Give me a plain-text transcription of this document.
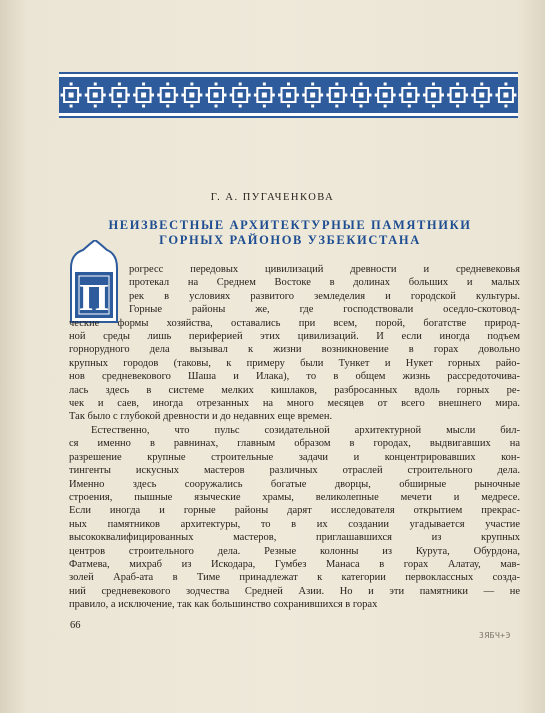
Г. А. ПУГАЧЕНКОВА
НЕИЗВЕСТНЫЕ АРХИТЕКТУРНЫЕ ПАМЯТНИКИ
ГОРНЫХ РАЙОНОВ УЗБЕКИСТАНА
П
рогресс передовых цивилизаций древности и средневековья
протекал на Среднем Востоке в долинах больших и малых
рек в условиях развитого земледелия и городской культуры.
Горные районы же, где господствовали оседло-скотовод-
ческие формы хозяйства, оставались при всем, порой, богатстве природ-
ной среды лишь периферией этих цивилизаций. И если иногда подъем
горнорудного дела вызывал к жизни возникновение в горах довольно
крупных городов (таковы, к примеру были Тункет и Нукет горных райо-
нов средневекового Шаша и Илака), то в общем жизнь рассредоточива-
лась здесь в системе мелких кишлаков, разбросанных вдоль горных ре-
чек и саев, иногда отрезанных на много месяцев от всего внешнего мира.
Так было с глубокой древности и до недавних еще времен.
Естественно, что пульс созидательной архитектурной мысли бил-
ся именно в равнинах, главным образом в городах, выдвигавших на
разрешение крупные строительные задачи и концентрировавших кон-
тингенты искусных мастеров различных отраслей строительного дела.
Именно здесь сооружались богатые дворцы, обширные рыночные
строения, пышные языческие храмы, великолепные мечети и медресе.
Если иногда и горные районы дарят исследователя открытием прекрас-
ных памятников архитектуры, то в их создании угадывается участие
высококвалифицированных мастеров, приглашавшихся из крупных
центров строительного дела. Резные колонны из Курута, Обурдона,
Фатмева, михраб из Искодара, Гумбез Манаса в горах Алатау, мав-
золей Араб-ата в Тиме принадлежат к категории первоклассных созда-
ний средневекового зодчества Средней Азии. Но и эти памятники — не
правило, а исключение, так как большинство сохранившихся в горах
66
ЗЯБЧ+Э
